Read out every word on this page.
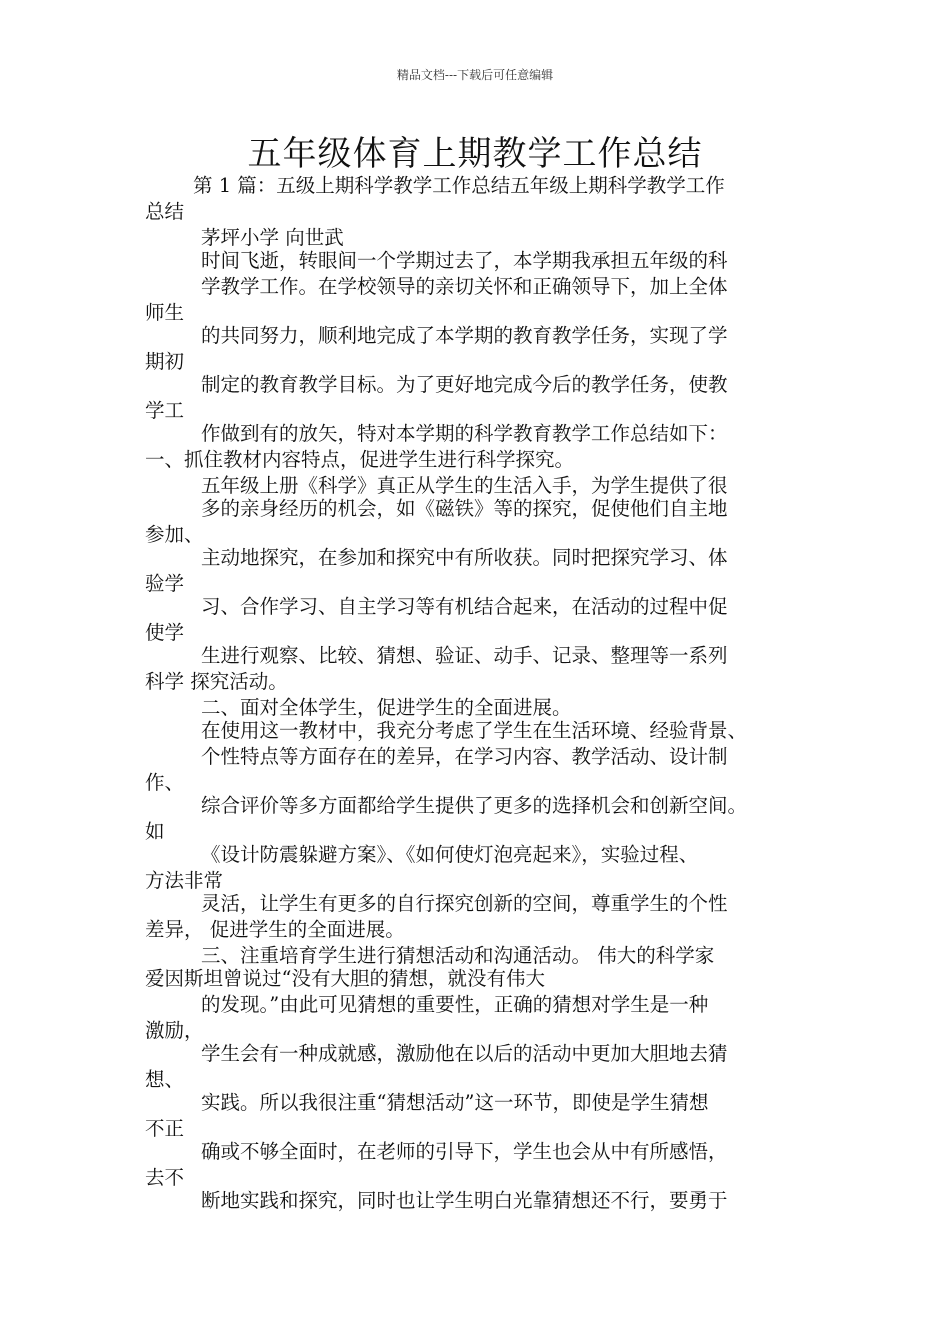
精品文档---下载后可任意编辑
五年级体育上期教学工作总结
第 1 篇：五级上期科学教学工作总结五年级上期科学教学工作
总结
茅坪小学 向世武
时间飞逝，转眼间一个学期过去了，本学期我承担五年级的科
学教学工作。在学校领导的亲切关怀和正确领导下，加上全体
师生
的共同努力，顺利地完成了本学期的教育教学任务，实现了学
期初
制定的教育教学目标。为了更好地完成今后的教学任务，使教
学工
作做到有的放矢，特对本学期的科学教育教学工作总结如下：
一、抓住教材内容特点，促进学生进行科学探究。
五年级上册《科学》真正从学生的生活入手，为学生提供了很
多的亲身经历的机会，如《磁铁》等的探究，促使他们自主地
参加、
主动地探究，在参加和探究中有所收获。同时把探究学习、体
验学
习、合作学习、自主学习等有机结合起来，在活动的过程中促
使学
生进行观察、比较、猜想、验证、动手、记录、整理等一系列
科学 探究活动。
二、面对全体学生，促进学生的全面进展。
在使用这一教材中，我充分考虑了学生在生活环境、经验背景、
个性特点等方面存在的差异，在学习内容、教学活动、设计制
作、
综合评价等多方面都给学生提供了更多的选择机会和创新空间。
如
《设计防震躲避方案》、《如何使灯泡亮起来》，实验过程、
方法非常
灵活，让学生有更多的自行探究创新的空间，尊重学生的个性
差异， 促进学生的全面进展。
三、注重培育学生进行猜想活动和沟通活动。 伟大的科学家
爱因斯坦曾说过“没有大胆的猜想，就没有伟大
的发现。”由此可见猜想的重要性，正确的猜想对学生是一种
激励，
学生会有一种成就感，激励他在以后的活动中更加大胆地去猜
想、
实践。所以我很注重“猜想活动”这一环节，即使是学生猜想
不正
确或不够全面时，在老师的引导下，学生也会从中有所感悟，
去不
断地实践和探究，同时也让学生明白光靠猜想还不行，要勇于
